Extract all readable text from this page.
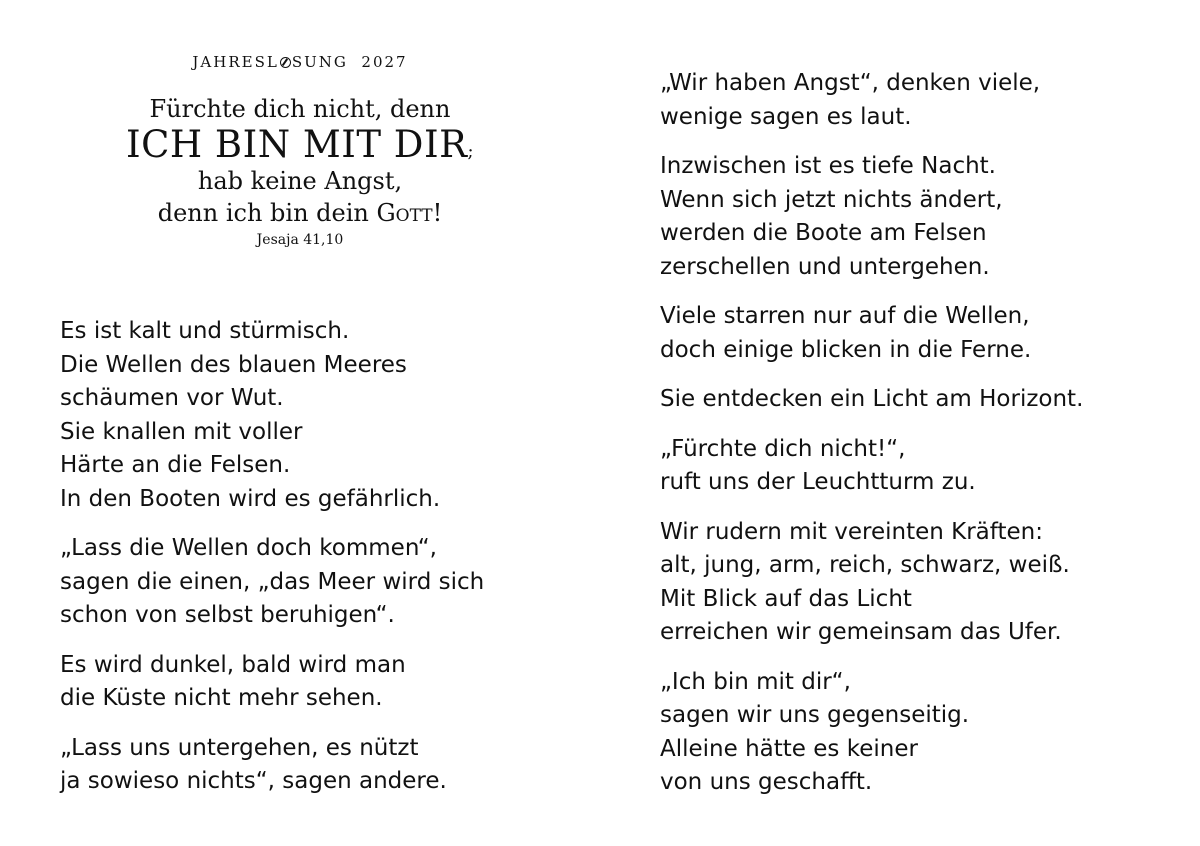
JAHRESL SUNG 2027
Fürchte dich nicht, denn
ICH BIN MIT DIR;
hab keine Angst,
denn ich bin dein GOTT!
Jesaja 41,10
Es ist kalt und stürmisch.
Die Wellen des blauen Meeres
schäumen vor Wut.
Sie knallen mit voller
Härte an die Felsen.
In den Booten wird es gefährlich.
„Lass die Wellen doch kommen“,
sagen die einen, „das Meer wird sich
schon von selbst beruhigen“.
Es wird dunkel, bald wird man
die Küste nicht mehr sehen.
„Lass uns untergehen, es nützt
ja sowieso nichts“, sagen andere.
„Wir haben Angst“, denken viele,
wenige sagen es laut.
Inzwischen ist es tiefe Nacht.
Wenn sich jetzt nichts ändert,
werden die Boote am Felsen
zerschellen und untergehen.
Viele starren nur auf die Wellen,
doch einige blicken in die Ferne.
Sie entdecken ein Licht am Horizont.
„Fürchte dich nicht!“,
ruft uns der Leuchtturm zu.
Wir rudern mit vereinten Kräften:
alt, jung, arm, reich, schwarz, weiß.
Mit Blick auf das Licht
erreichen wir gemeinsam das Ufer.
„Ich bin mit dir“,
sagen wir uns gegenseitig.
Alleine hätte es keiner
von uns geschafft.
